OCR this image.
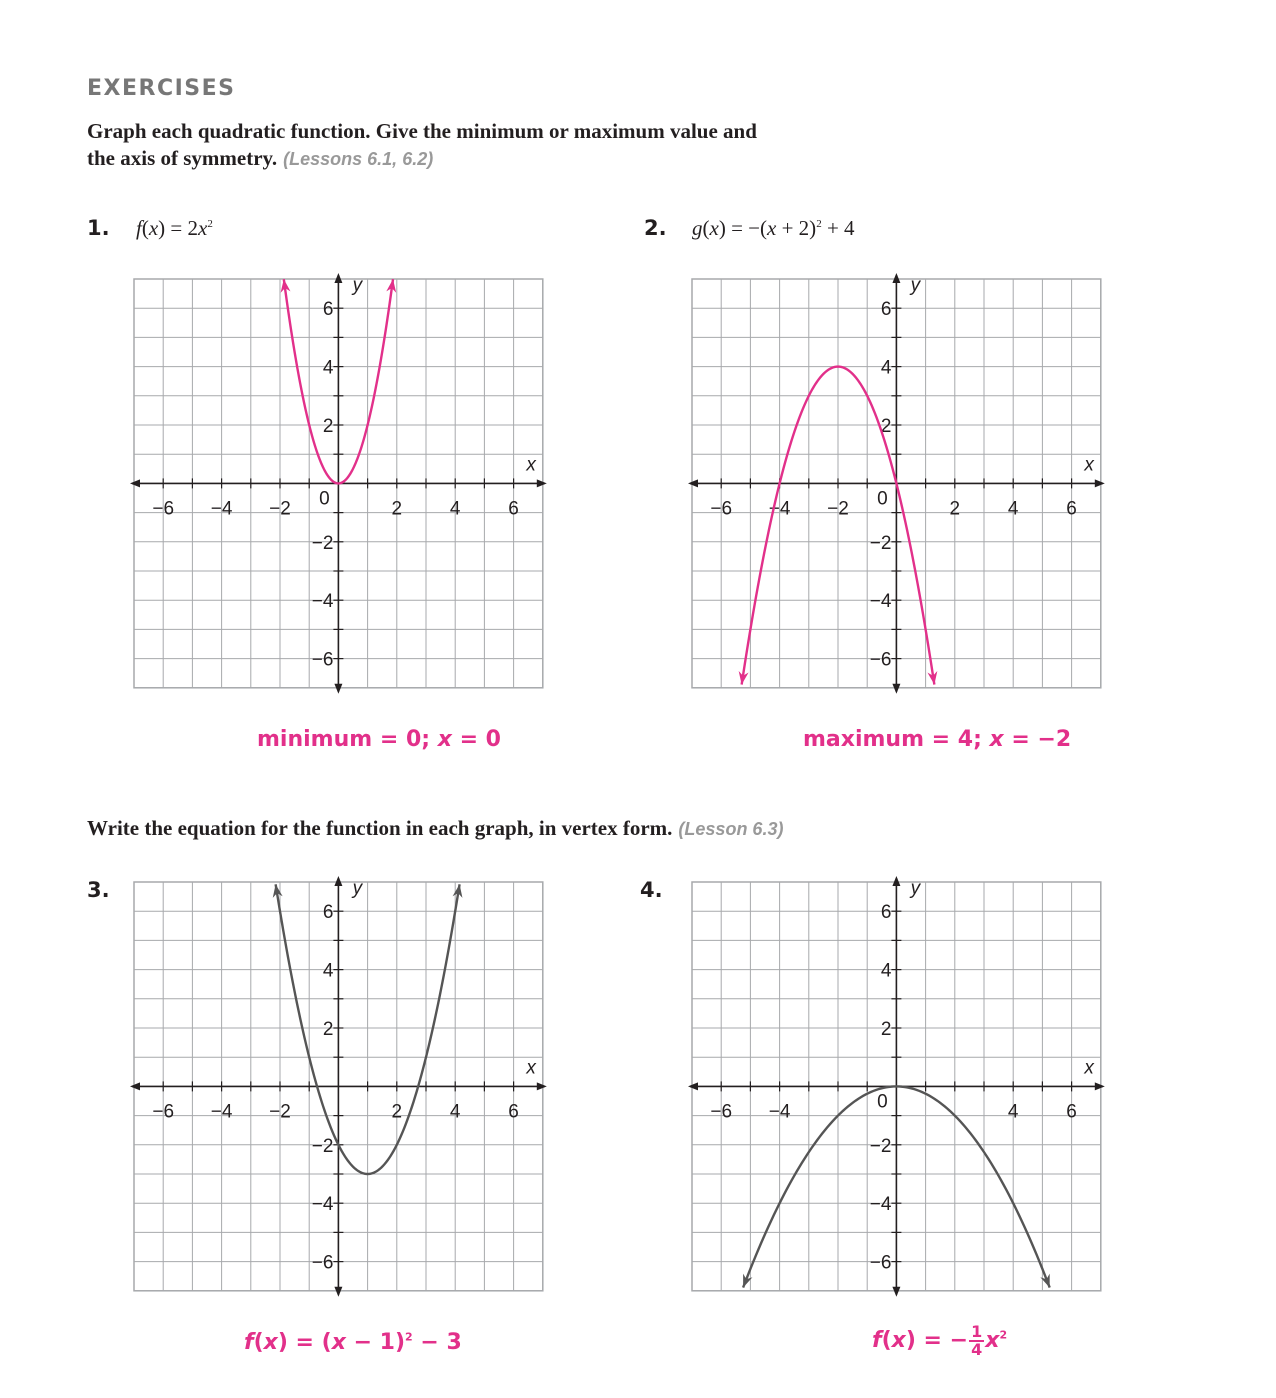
EXERCISES
Graph each quadratic function. Give the minimum or maximum value and
the axis of symmetry. (Lessons 6.1, 6.2)
1. $f(x) = 2x^2$
−6 −4 −2	2	4	6
6
4
2
−2
−4
−6
0
x
y
minimum = 0; x = 0
2. $g(x) = -(x + 2)^2 + 4$
−6 −4 −2	2	4	6
6
4
2
−2
−4
−6
0
x
y
maximum = 4; x = −2
Write the equation for the function in each graph, in vertex form. (Lesson 6.3)
3.
−6 −4 −2	2	4	6
6
4
2
−2
−4
−6
x
y
$f(x) = (x - 1)^2 - 3$
4.
−6 −4	4	6
6
4
2
−2
−4
−6
0
x
y
f(x) = − $\frac{1}{4} x^2$
